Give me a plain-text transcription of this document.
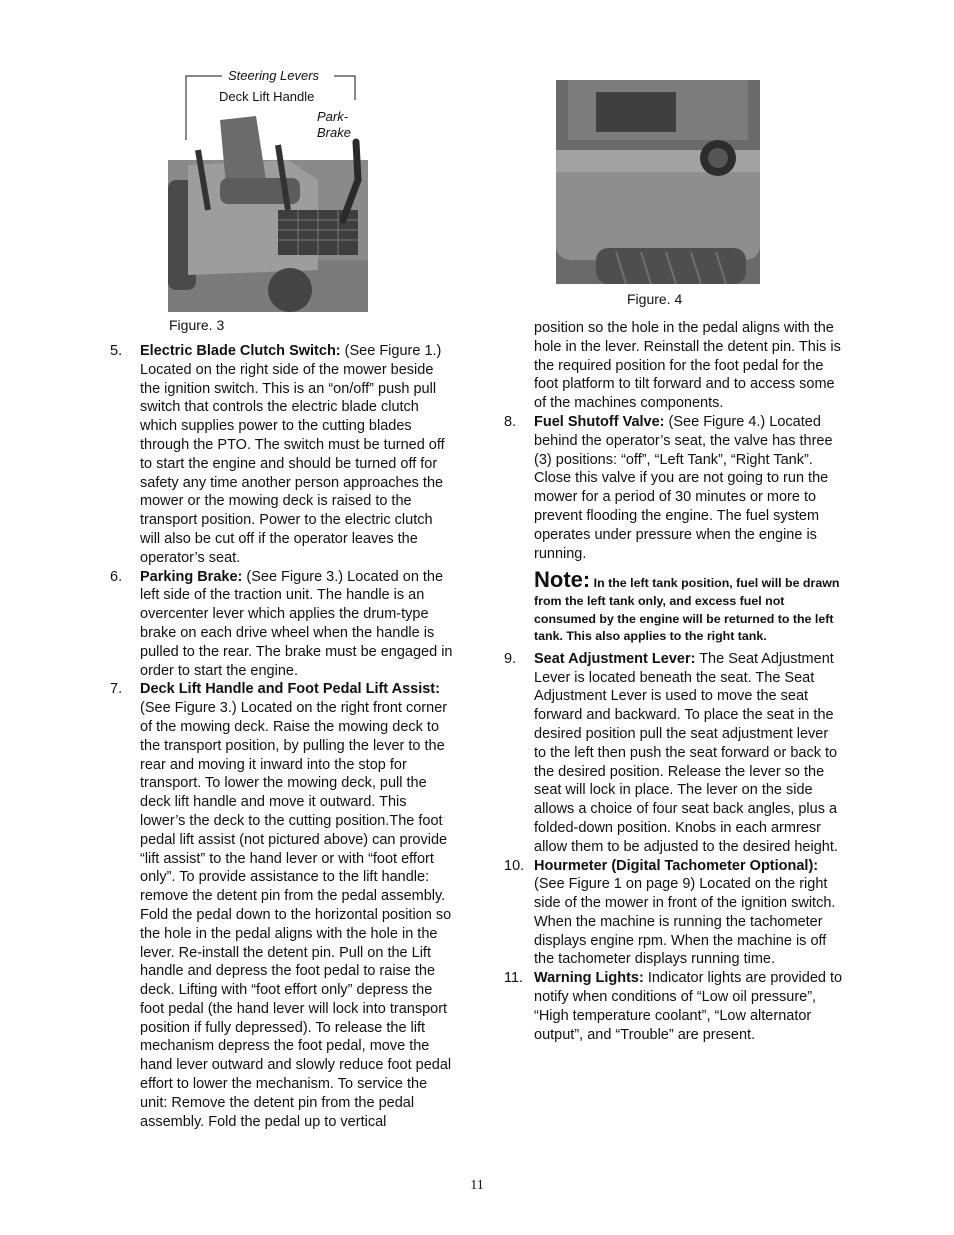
Steering Levers
Deck Lift Handle
Park-
Brake
Figure. 3
Figure. 4

5. Electric Blade Clutch Switch: (See Figure 1.) Located on the right side of the mower beside the ignition switch. This is an “on/off” push pull switch that controls the electric blade clutch which supplies power to the cutting blades through the PTO. The switch must be turned off to start the engine and should be turned off for safety any time another person approaches the mower or the mowing deck is raised to the transport position. Power to the electric clutch will also be cut off if the operator leaves the operator’s seat.

6. Parking Brake: (See Figure 3.) Located on the left side of the traction unit. The handle is an overcenter lever which applies the drum-type brake on each drive wheel when the handle is pulled to the rear. The brake must be engaged in order to start the engine.

7. Deck Lift Handle and Foot Pedal Lift Assist: (See Figure 3.) Located on the right front corner of the mowing deck. Raise the mowing deck to the transport position, by pulling the lever to the rear and moving it inward into the stop for transport. To lower the mowing deck, pull the deck lift handle and move it outward. This lower’s the deck to the cutting position.The foot pedal lift assist (not pictured above) can provide “lift assist” to the hand lever or with “foot effort only”. To provide assistance to the lift handle: remove the detent pin from the pedal assembly. Fold the pedal down to the horizontal position so the hole in the pedal aligns with the hole in the lever. Re-install the detent pin. Pull on the Lift handle and depress the foot pedal to raise the deck. Lifting with “foot effort only” depress the foot pedal (the hand lever will lock into transport position if fully depressed). To release the lift mechanism depress the foot pedal, move the hand lever outward and slowly reduce foot pedal effort to lower the mechanism. To service the unit: Remove the detent pin from the pedal assembly. Fold the pedal up to vertical

position so the hole in the pedal aligns with the hole in the lever. Reinstall the detent pin. This is the required position for the foot pedal for the foot platform to tilt forward and to access some of the machines components.

8. Fuel Shutoff Valve: (See Figure 4.) Located behind the operator’s seat, the valve has three (3) positions: “off”, “Left Tank”, “Right Tank”. Close this valve if you are not going to run the mower for a period of 30 minutes or more to prevent flooding the engine. The fuel system operates under pressure when the engine is running.

Note: In the left tank position, fuel will be drawn from the left tank only, and excess fuel not consumed by the engine will be returned to the left tank. This also applies to the right tank.

9. Seat Adjustment Lever: The Seat Adjustment Lever is located beneath the seat. The Seat Adjustment Lever is used to move the seat forward and backward. To place the seat in the desired position pull the seat adjustment lever to the left then push the seat forward or back to the desired position. Release the lever so the seat will lock in place. The lever on the side allows a choice of four seat back angles, plus a folded-down position. Knobs in each armresr allow them to be adjusted to the desired height.

10. Hourmeter (Digital Tachometer Optional): (See Figure 1 on page 9) Located on the right side of the mower in front of the ignition switch. When the machine is running the tachometer displays engine rpm. When the machine is off the tachometer displays running time.

11. Warning Lights: Indicator lights are provided to notify when conditions of “Low oil pressure”, “High temperature coolant”, “Low alternator output”, and “Trouble” are present.

11
